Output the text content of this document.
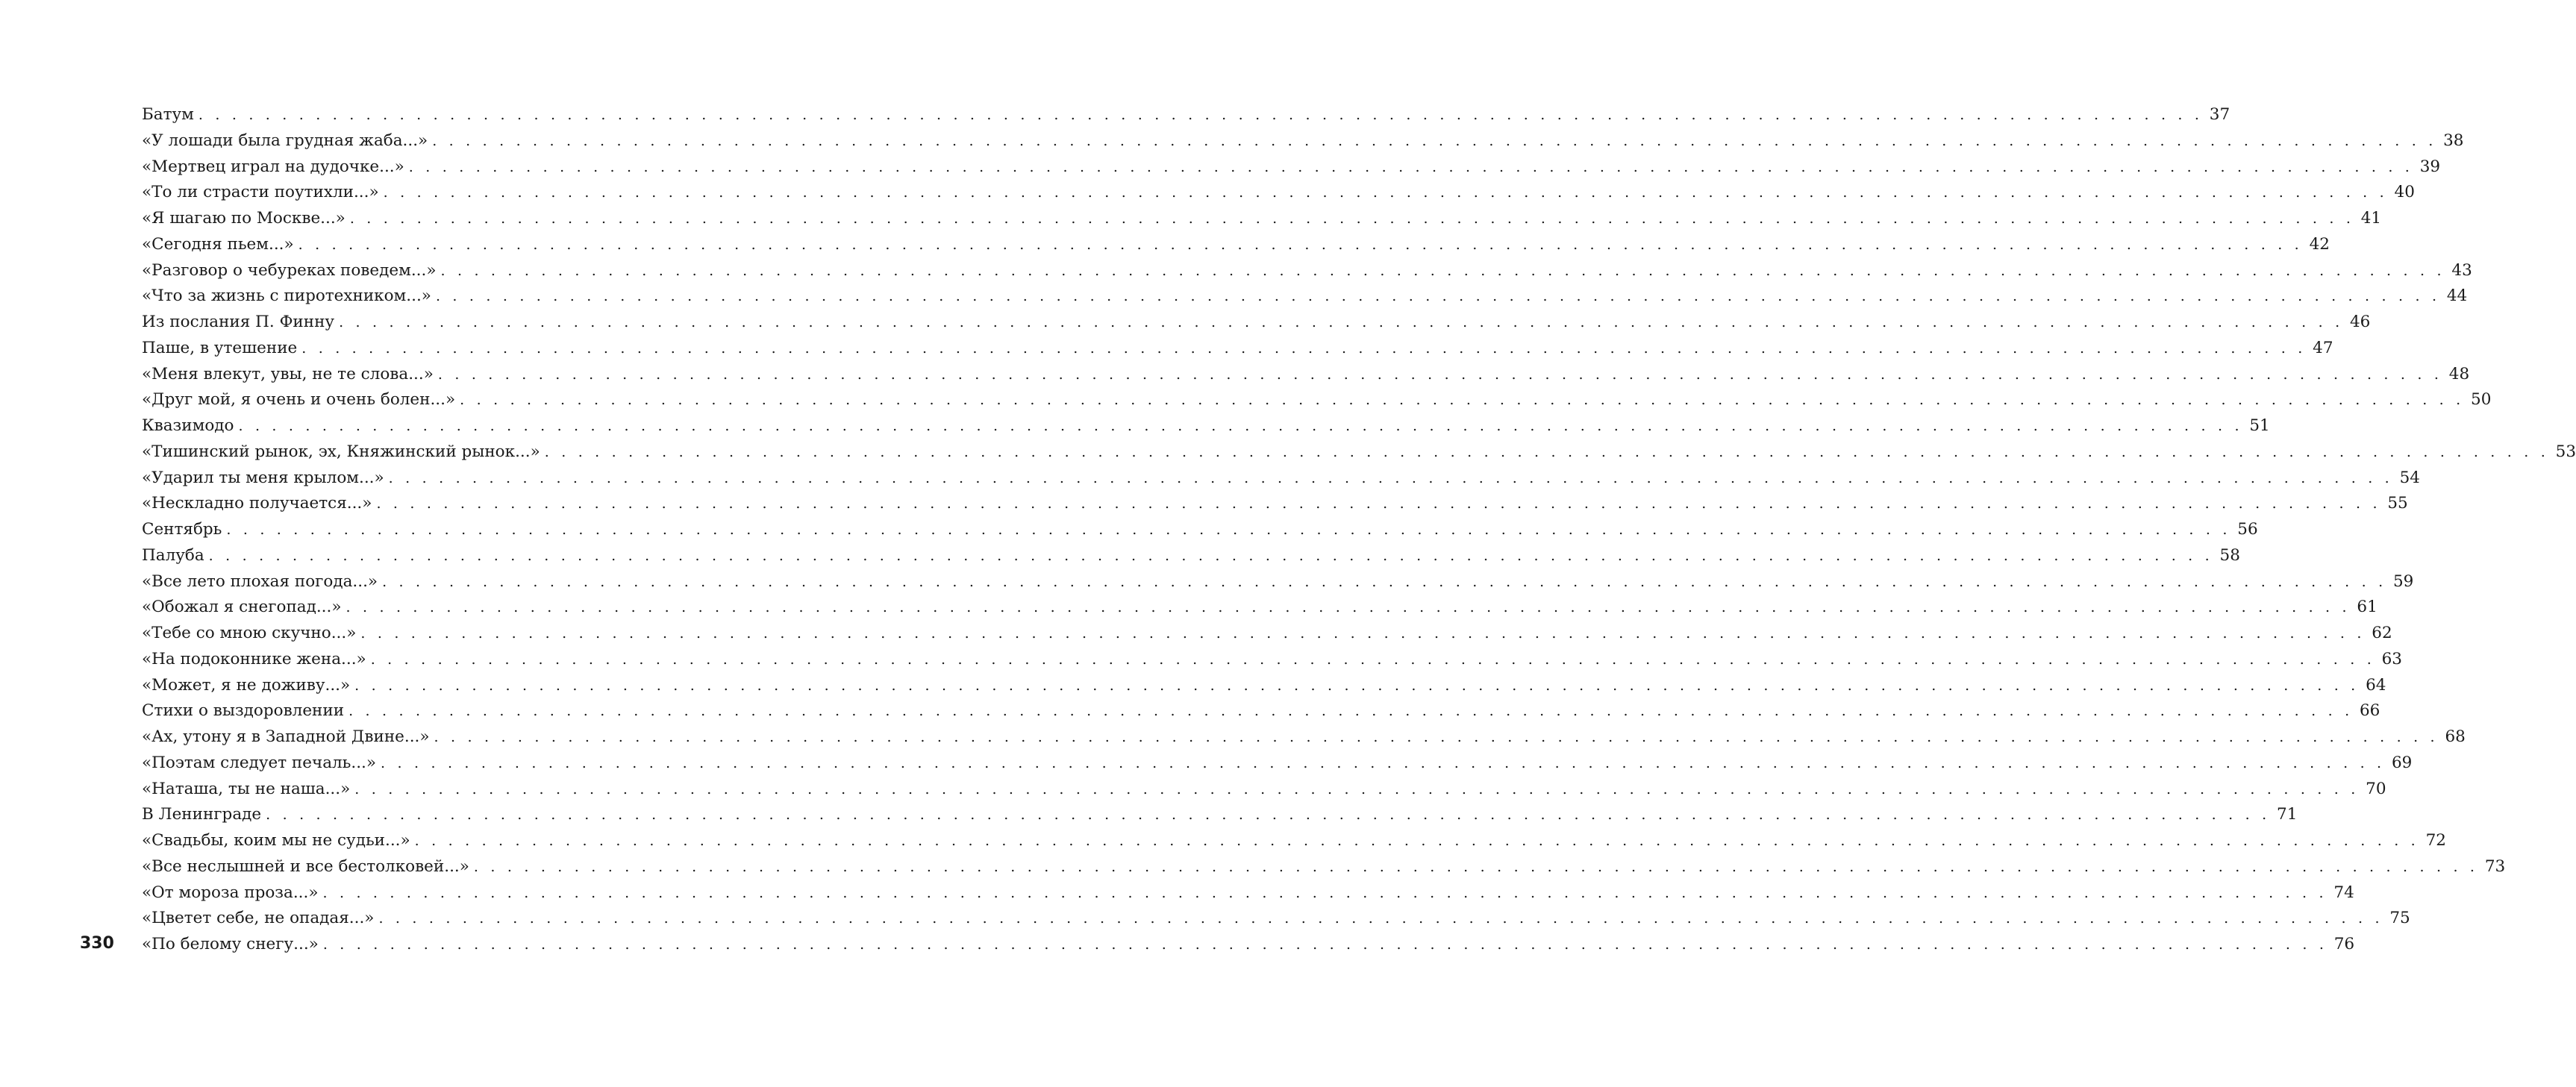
Батум . . . . . . . . . . . . . . . . . . . . . . . . . . . . . . . . . . . . . . . . . . . . . . . . . . . . . . . . . . . . . . . . . . . . . . . . . . . . . . . . . . . . . . . . . . . . . . . . . . . . . . . . . . . . . . . . . . . . . . . . 37
«У лошади была грудная жаба...» . . . . . . . . . . . . . . . . . . . . . . . . . . . . . . . . . . . . . . . . . . . . . . . . . . . . . . . . . . . . . . . . . . . . . . . . . . . . . . . . . . . . . . . . . . . . . . . . . . . . . . . . . . . . . . . . . . . . . . . . 38
«Мертвец играл на дудочке...» . . . . . . . . . . . . . . . . . . . . . . . . . . . . . . . . . . . . . . . . . . . . . . . . . . . . . . . . . . . . . . . . . . . . . . . . . . . . . . . . . . . . . . . . . . . . . . . . . . . . . . . . . . . . . . . . . . . . . . . . 39
«То ли страсти поутихли...» . . . . . . . . . . . . . . . . . . . . . . . . . . . . . . . . . . . . . . . . . . . . . . . . . . . . . . . . . . . . . . . . . . . . . . . . . . . . . . . . . . . . . . . . . . . . . . . . . . . . . . . . . . . . . . . . . . . . . . . . 40
«Я шагаю по Москве...» . . . . . . . . . . . . . . . . . . . . . . . . . . . . . . . . . . . . . . . . . . . . . . . . . . . . . . . . . . . . . . . . . . . . . . . . . . . . . . . . . . . . . . . . . . . . . . . . . . . . . . . . . . . . . . . . . . . . . . . . 41
«Сегодня пьем...» . . . . . . . . . . . . . . . . . . . . . . . . . . . . . . . . . . . . . . . . . . . . . . . . . . . . . . . . . . . . . . . . . . . . . . . . . . . . . . . . . . . . . . . . . . . . . . . . . . . . . . . . . . . . . . . . . . . . . . . . 42
«Разговор о чебуреках поведем...» . . . . . . . . . . . . . . . . . . . . . . . . . . . . . . . . . . . . . . . . . . . . . . . . . . . . . . . . . . . . . . . . . . . . . . . . . . . . . . . . . . . . . . . . . . . . . . . . . . . . . . . . . . . . . . . . . . . . . . . . 43
«Что за жизнь с пиротехником...» . . . . . . . . . . . . . . . . . . . . . . . . . . . . . . . . . . . . . . . . . . . . . . . . . . . . . . . . . . . . . . . . . . . . . . . . . . . . . . . . . . . . . . . . . . . . . . . . . . . . . . . . . . . . . . . . . . . . . . . . 44
Из послания П. Финну . . . . . . . . . . . . . . . . . . . . . . . . . . . . . . . . . . . . . . . . . . . . . . . . . . . . . . . . . . . . . . . . . . . . . . . . . . . . . . . . . . . . . . . . . . . . . . . . . . . . . . . . . . . . . . . . . . . . . . . . 46
Паше, в утешение . . . . . . . . . . . . . . . . . . . . . . . . . . . . . . . . . . . . . . . . . . . . . . . . . . . . . . . . . . . . . . . . . . . . . . . . . . . . . . . . . . . . . . . . . . . . . . . . . . . . . . . . . . . . . . . . . . . . . . . . 47
«Меня влекут, увы, не те слова...» . . . . . . . . . . . . . . . . . . . . . . . . . . . . . . . . . . . . . . . . . . . . . . . . . . . . . . . . . . . . . . . . . . . . . . . . . . . . . . . . . . . . . . . . . . . . . . . . . . . . . . . . . . . . . . . . . . . . . . . . 48
«Друг мой, я очень и очень болен...» . . . . . . . . . . . . . . . . . . . . . . . . . . . . . . . . . . . . . . . . . . . . . . . . . . . . . . . . . . . . . . . . . . . . . . . . . . . . . . . . . . . . . . . . . . . . . . . . . . . . . . . . . . . . . . . . . . . . . . . . 50
Квазимодо . . . . . . . . . . . . . . . . . . . . . . . . . . . . . . . . . . . . . . . . . . . . . . . . . . . . . . . . . . . . . . . . . . . . . . . . . . . . . . . . . . . . . . . . . . . . . . . . . . . . . . . . . . . . . . . . . . . . . . . . 51
«Тишинский рынок, эх, Княжинский рынок...» . . . . . . . . . . . . . . . . . . . . . . . . . . . . . . . . . . . . . . . . . . . . . . . . . . . . . . . . . . . . . . . . . . . . . . . . . . . . . . . . . . . . . . . . . . . . . . . . . . . . . . . . . . . . . . . . . . . . . . . . 53
«Ударил ты меня крылом...» . . . . . . . . . . . . . . . . . . . . . . . . . . . . . . . . . . . . . . . . . . . . . . . . . . . . . . . . . . . . . . . . . . . . . . . . . . . . . . . . . . . . . . . . . . . . . . . . . . . . . . . . . . . . . . . . . . . . . . . . 54
«Нескладно получается...» . . . . . . . . . . . . . . . . . . . . . . . . . . . . . . . . . . . . . . . . . . . . . . . . . . . . . . . . . . . . . . . . . . . . . . . . . . . . . . . . . . . . . . . . . . . . . . . . . . . . . . . . . . . . . . . . . . . . . . . . 55
Сентябрь . . . . . . . . . . . . . . . . . . . . . . . . . . . . . . . . . . . . . . . . . . . . . . . . . . . . . . . . . . . . . . . . . . . . . . . . . . . . . . . . . . . . . . . . . . . . . . . . . . . . . . . . . . . . . . . . . . . . . . . . 56
Палуба . . . . . . . . . . . . . . . . . . . . . . . . . . . . . . . . . . . . . . . . . . . . . . . . . . . . . . . . . . . . . . . . . . . . . . . . . . . . . . . . . . . . . . . . . . . . . . . . . . . . . . . . . . . . . . . . . . . . . . . . 58
«Все лето плохая погода...» . . . . . . . . . . . . . . . . . . . . . . . . . . . . . . . . . . . . . . . . . . . . . . . . . . . . . . . . . . . . . . . . . . . . . . . . . . . . . . . . . . . . . . . . . . . . . . . . . . . . . . . . . . . . . . . . . . . . . . . . 59
«Обожал я снегопад...» . . . . . . . . . . . . . . . . . . . . . . . . . . . . . . . . . . . . . . . . . . . . . . . . . . . . . . . . . . . . . . . . . . . . . . . . . . . . . . . . . . . . . . . . . . . . . . . . . . . . . . . . . . . . . . . . . . . . . . . . 61
«Тебе со мною скучно...» . . . . . . . . . . . . . . . . . . . . . . . . . . . . . . . . . . . . . . . . . . . . . . . . . . . . . . . . . . . . . . . . . . . . . . . . . . . . . . . . . . . . . . . . . . . . . . . . . . . . . . . . . . . . . . . . . . . . . . . . 62
«На подоконнике жена...» . . . . . . . . . . . . . . . . . . . . . . . . . . . . . . . . . . . . . . . . . . . . . . . . . . . . . . . . . . . . . . . . . . . . . . . . . . . . . . . . . . . . . . . . . . . . . . . . . . . . . . . . . . . . . . . . . . . . . . . . 63
«Может, я не доживу...» . . . . . . . . . . . . . . . . . . . . . . . . . . . . . . . . . . . . . . . . . . . . . . . . . . . . . . . . . . . . . . . . . . . . . . . . . . . . . . . . . . . . . . . . . . . . . . . . . . . . . . . . . . . . . . . . . . . . . . . . 64
Стихи о выздоровлении . . . . . . . . . . . . . . . . . . . . . . . . . . . . . . . . . . . . . . . . . . . . . . . . . . . . . . . . . . . . . . . . . . . . . . . . . . . . . . . . . . . . . . . . . . . . . . . . . . . . . . . . . . . . . . . . . . . . . . . . 66
«Ах, утону я в Западной Двине...» . . . . . . . . . . . . . . . . . . . . . . . . . . . . . . . . . . . . . . . . . . . . . . . . . . . . . . . . . . . . . . . . . . . . . . . . . . . . . . . . . . . . . . . . . . . . . . . . . . . . . . . . . . . . . . . . . . . . . . . . 68
«Поэтам следует печаль...» . . . . . . . . . . . . . . . . . . . . . . . . . . . . . . . . . . . . . . . . . . . . . . . . . . . . . . . . . . . . . . . . . . . . . . . . . . . . . . . . . . . . . . . . . . . . . . . . . . . . . . . . . . . . . . . . . . . . . . . . 69
«Наташа, ты не наша...» . . . . . . . . . . . . . . . . . . . . . . . . . . . . . . . . . . . . . . . . . . . . . . . . . . . . . . . . . . . . . . . . . . . . . . . . . . . . . . . . . . . . . . . . . . . . . . . . . . . . . . . . . . . . . . . . . . . . . . . . 70
В Ленинграде . . . . . . . . . . . . . . . . . . . . . . . . . . . . . . . . . . . . . . . . . . . . . . . . . . . . . . . . . . . . . . . . . . . . . . . . . . . . . . . . . . . . . . . . . . . . . . . . . . . . . . . . . . . . . . . . . . . . . . . . 71
«Свадьбы, коим мы не судьи...» . . . . . . . . . . . . . . . . . . . . . . . . . . . . . . . . . . . . . . . . . . . . . . . . . . . . . . . . . . . . . . . . . . . . . . . . . . . . . . . . . . . . . . . . . . . . . . . . . . . . . . . . . . . . . . . . . . . . . . . . 72
«Все неслышней и все бестолковей...» . . . . . . . . . . . . . . . . . . . . . . . . . . . . . . . . . . . . . . . . . . . . . . . . . . . . . . . . . . . . . . . . . . . . . . . . . . . . . . . . . . . . . . . . . . . . . . . . . . . . . . . . . . . . . . . . . . . . . . . . 73
«От мороза проза...» . . . . . . . . . . . . . . . . . . . . . . . . . . . . . . . . . . . . . . . . . . . . . . . . . . . . . . . . . . . . . . . . . . . . . . . . . . . . . . . . . . . . . . . . . . . . . . . . . . . . . . . . . . . . . . . . . . . . . . . . 74
«Цветет себе, не опадая...» . . . . . . . . . . . . . . . . . . . . . . . . . . . . . . . . . . . . . . . . . . . . . . . . . . . . . . . . . . . . . . . . . . . . . . . . . . . . . . . . . . . . . . . . . . . . . . . . . . . . . . . . . . . . . . . . . . . . . . . . 75
«По белому снегу...» . . . . . . . . . . . . . . . . . . . . . . . . . . . . . . . . . . . . . . . . . . . . . . . . . . . . . . . . . . . . . . . . . . . . . . . . . . . . . . . . . . . . . . . . . . . . . . . . . . . . . . . . . . . . . . . . . . . . . . . . 76
330
